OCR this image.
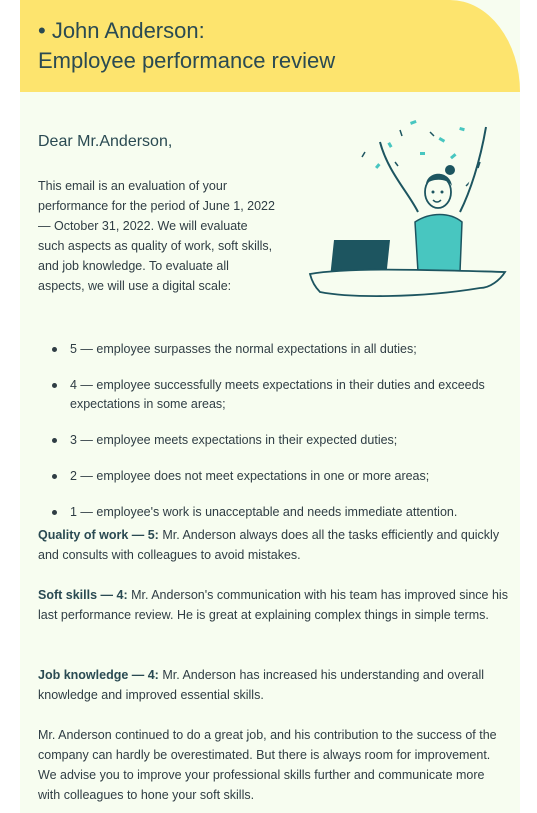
• John Anderson:
Employee performance review
Dear Mr.Anderson,
This email is an evaluation of your performance for the period of June 1, 2022 — October 31, 2022. We will evaluate such aspects as quality of work, soft skills, and job knowledge. To evaluate all aspects, we will use a digital scale:
5 — employee surpasses the normal expectations in all duties;
4 — employee successfully meets expectations in their duties and exceeds expectations in some areas;
3 — employee meets expectations in their expected duties;
2 — employee does not meet expectations in one or more areas;
1 — employee's work is unacceptable and needs immediate attention.
Quality of work — 5: Mr. Anderson always does all the tasks efficiently and quickly and consults with colleagues to avoid mistakes.
Soft skills — 4: Mr. Anderson's communication with his team has improved since his last performance review. He is great at explaining complex things in simple terms.
Job knowledge — 4: Mr. Anderson has increased his understanding and overall knowledge and improved essential skills.
Mr. Anderson continued to do a great job, and his contribution to the success of the company can hardly be overestimated. But there is always room for improvement. We advise you to improve your professional skills further and communicate more with colleagues to hone your soft skills.
